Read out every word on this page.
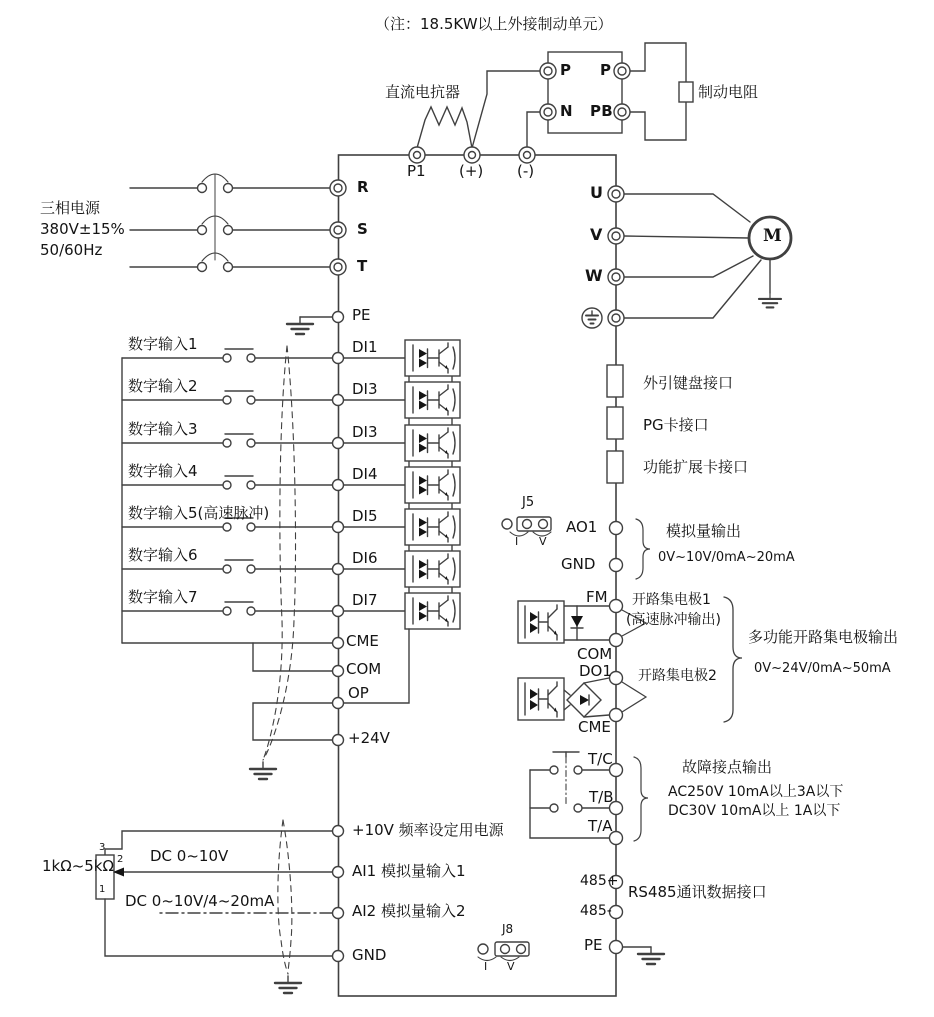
（注：18.5KW以上外接制动单元）
直流电抗器	制动电阻
P
N
P
PB
P1 (+) (-)
三相电源
380V±15%
50/60Hz
R
S
T
PE
数字输入1
数字输入2
数字输入3
数字输入4
数字输入5(高速脉冲)
数字输入6
数字输入7
DI1
DI3
DI3
DI4
DI5
DI6
DI7
CME
COM
OP
+24V
1kΩ~5kΩ
3
2
1
DC 0~10V
DC 0~10V/4~20mA
+10V 频率设定用电源
AI1 模拟量输入1
AI2 模拟量输入2
GND
U
V
W
M
外引键盘接口
PG卡接口
功能扩展卡接口
J5
I V
AO1
GND
模拟量输出
0V~10V/0mA~20mA
FM
COM
DO1
CME
开路集电极1
(高速脉冲输出)
开路集电极2
多功能开路集电极输出
0V~24V/0mA~50mA
T/C
T/B
T/A
故障接点输出
AC250V 10mA以上3A以下
DC30V 10mA以上 1A以下
485+
485-
RS485通讯数据接口
PE
J8
I V
